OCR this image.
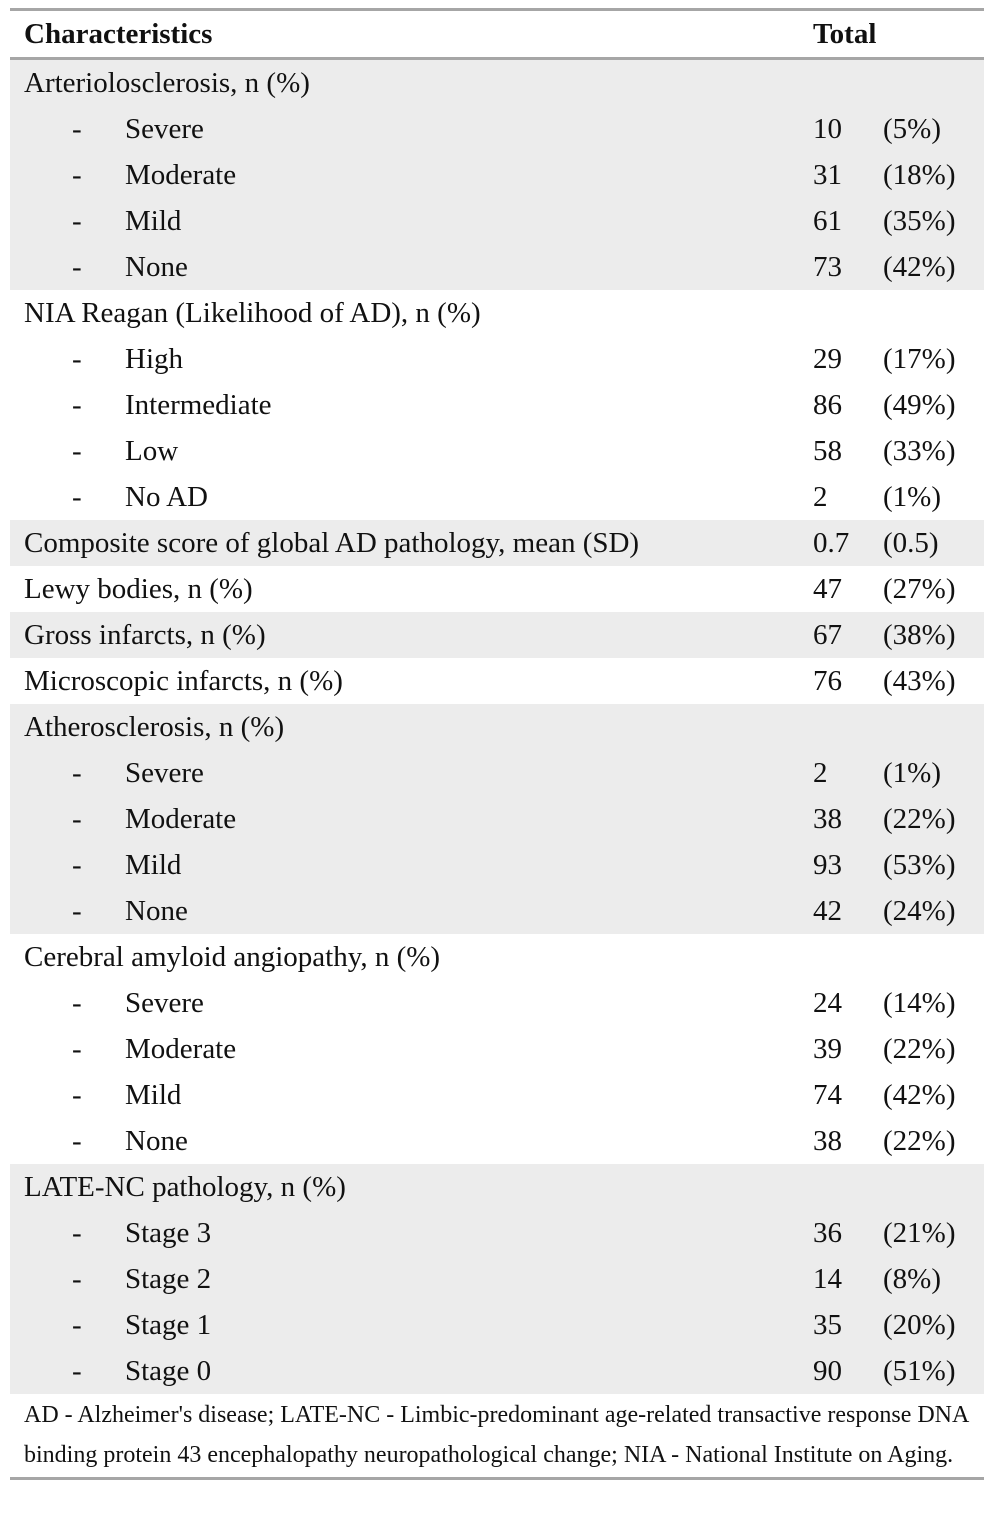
Characteristics	Total
Arteriolosclerosis, n (%)
- Severe	10	(5%)
- Moderate	31	(18%)
- Mild	61	(35%)
- None	73	(42%)
NIA Reagan (Likelihood of AD), n (%)
- High	29	(17%)
- Intermediate	86	(49%)
- Low	58	(33%)
- No AD	2	(1%)
Composite score of global AD pathology, mean (SD)	0.7	(0.5)
Lewy bodies, n (%)	47	(27%)
Gross infarcts, n (%)	67	(38%)
Microscopic infarcts, n (%)	76	(43%)
Atherosclerosis, n (%)
- Severe	2	(1%)
- Moderate	38	(22%)
- Mild	93	(53%)
- None	42	(24%)
Cerebral amyloid angiopathy, n (%)
- Severe	24	(14%)
- Moderate	39	(22%)
- Mild	74	(42%)
- None	38	(22%)
LATE-NC pathology, n (%)
- Stage 3	36	(21%)
- Stage 2	14	(8%)
- Stage 1	35	(20%)
- Stage 0	90	(51%)
AD - Alzheimer's disease; LATE-NC - Limbic-predominant age-related transactive response DNA binding protein 43 encephalopathy neuropathological change; NIA - National Institute on Aging.
